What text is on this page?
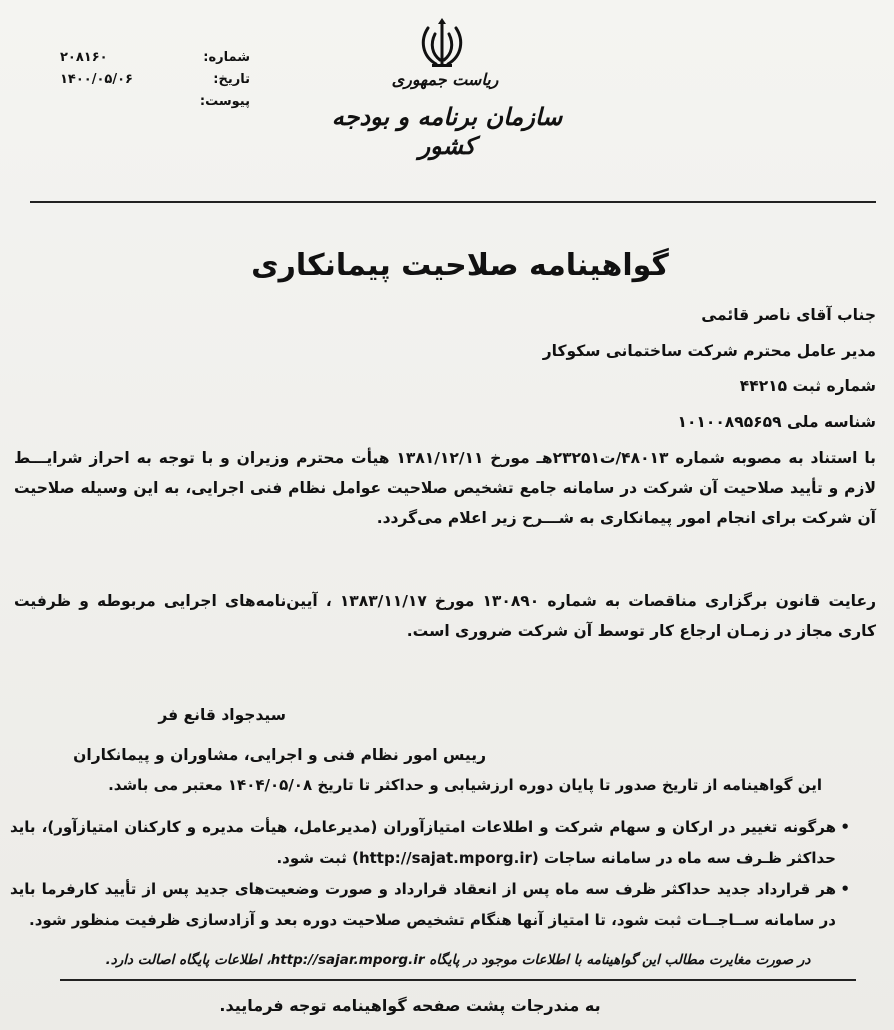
شماره:
۲۰۸۱۶۰
تاریخ:
۱۴۰۰/۰۵/۰۶
پیوست:
ریاست جمهوری
سازمان برنامه و بودجه کشور
گواهینامه صلاحیت پیمانکاری
جناب آقای ناصر قائمی
مدیر عامل محترم شرکت ساختمانی سکوکار
شماره ثبت ۴۴۲۱۵
شناسه ملی ۱۰۱۰۰۸۹۵۶۵۹
با استناد به مصوبه شماره ۴۸۰۱۳/ت۲۳۲۵۱هـ مورخ ۱۳۸۱/۱۲/۱۱ هیأت محترم وزیران و با توجه به احراز شرایـــط لازم و تأیید صلاحیت آن شرکت در سامانه جامع تشخیص صلاحیت عوامل نظام فنی اجرایی، به این وسیله صلاحیت آن شرکت برای انجام امور پیمانکاری به شـــرح زیر اعلام می‌گردد.
رعایت قانون برگزاری مناقصات به شماره ۱۳۰۸۹۰ مورخ ۱۳۸۳/۱۱/۱۷ ، آیین‌نامه‌های اجرایی مربوطه و ظرفیت کاری مجاز در زمـان ارجاع کار توسط آن شرکت ضروری است.
سیدجواد قانع فر
رییس امور نظام فنی و اجرایی، مشاوران و پیمانکاران
این گواهینامه از تاریخ صدور تا پایان دوره ارزشیابی و حداکثر تا تاریخ ۱۴۰۴/۰۵/۰۸ معتبر می باشد.
• هرگونه تغییر در ارکان و سهام شرکت و اطلاعات امتیازآوران (مدیرعامل، هیأت مدیره و کارکنان امتیازآور)، باید حداکثر ظـرف سه ماه در سامانه ساجات (http://sajat.mporg.ir) ثبت شود.
• هر قرارداد جدید حداکثر ظرف سه ماه پس از انعقاد قرارداد و صورت وضعیت‌های جدید پس از تأیید کارفرما باید در سامانه ســاجــات ثبت شود، تا امتیاز آنها هنگام تشخیص صلاحیت دوره بعد و آزادسازی ظرفیت منظور شود.
در صورت مغایرت مطالب این گواهینامه با اطلاعات موجود در پایگاه http://sajar.mporg.ir، اطلاعات پایگاه اصالت دارد.
به مندرجات پشت صفحه گواهینامه توجه فرمایید.
